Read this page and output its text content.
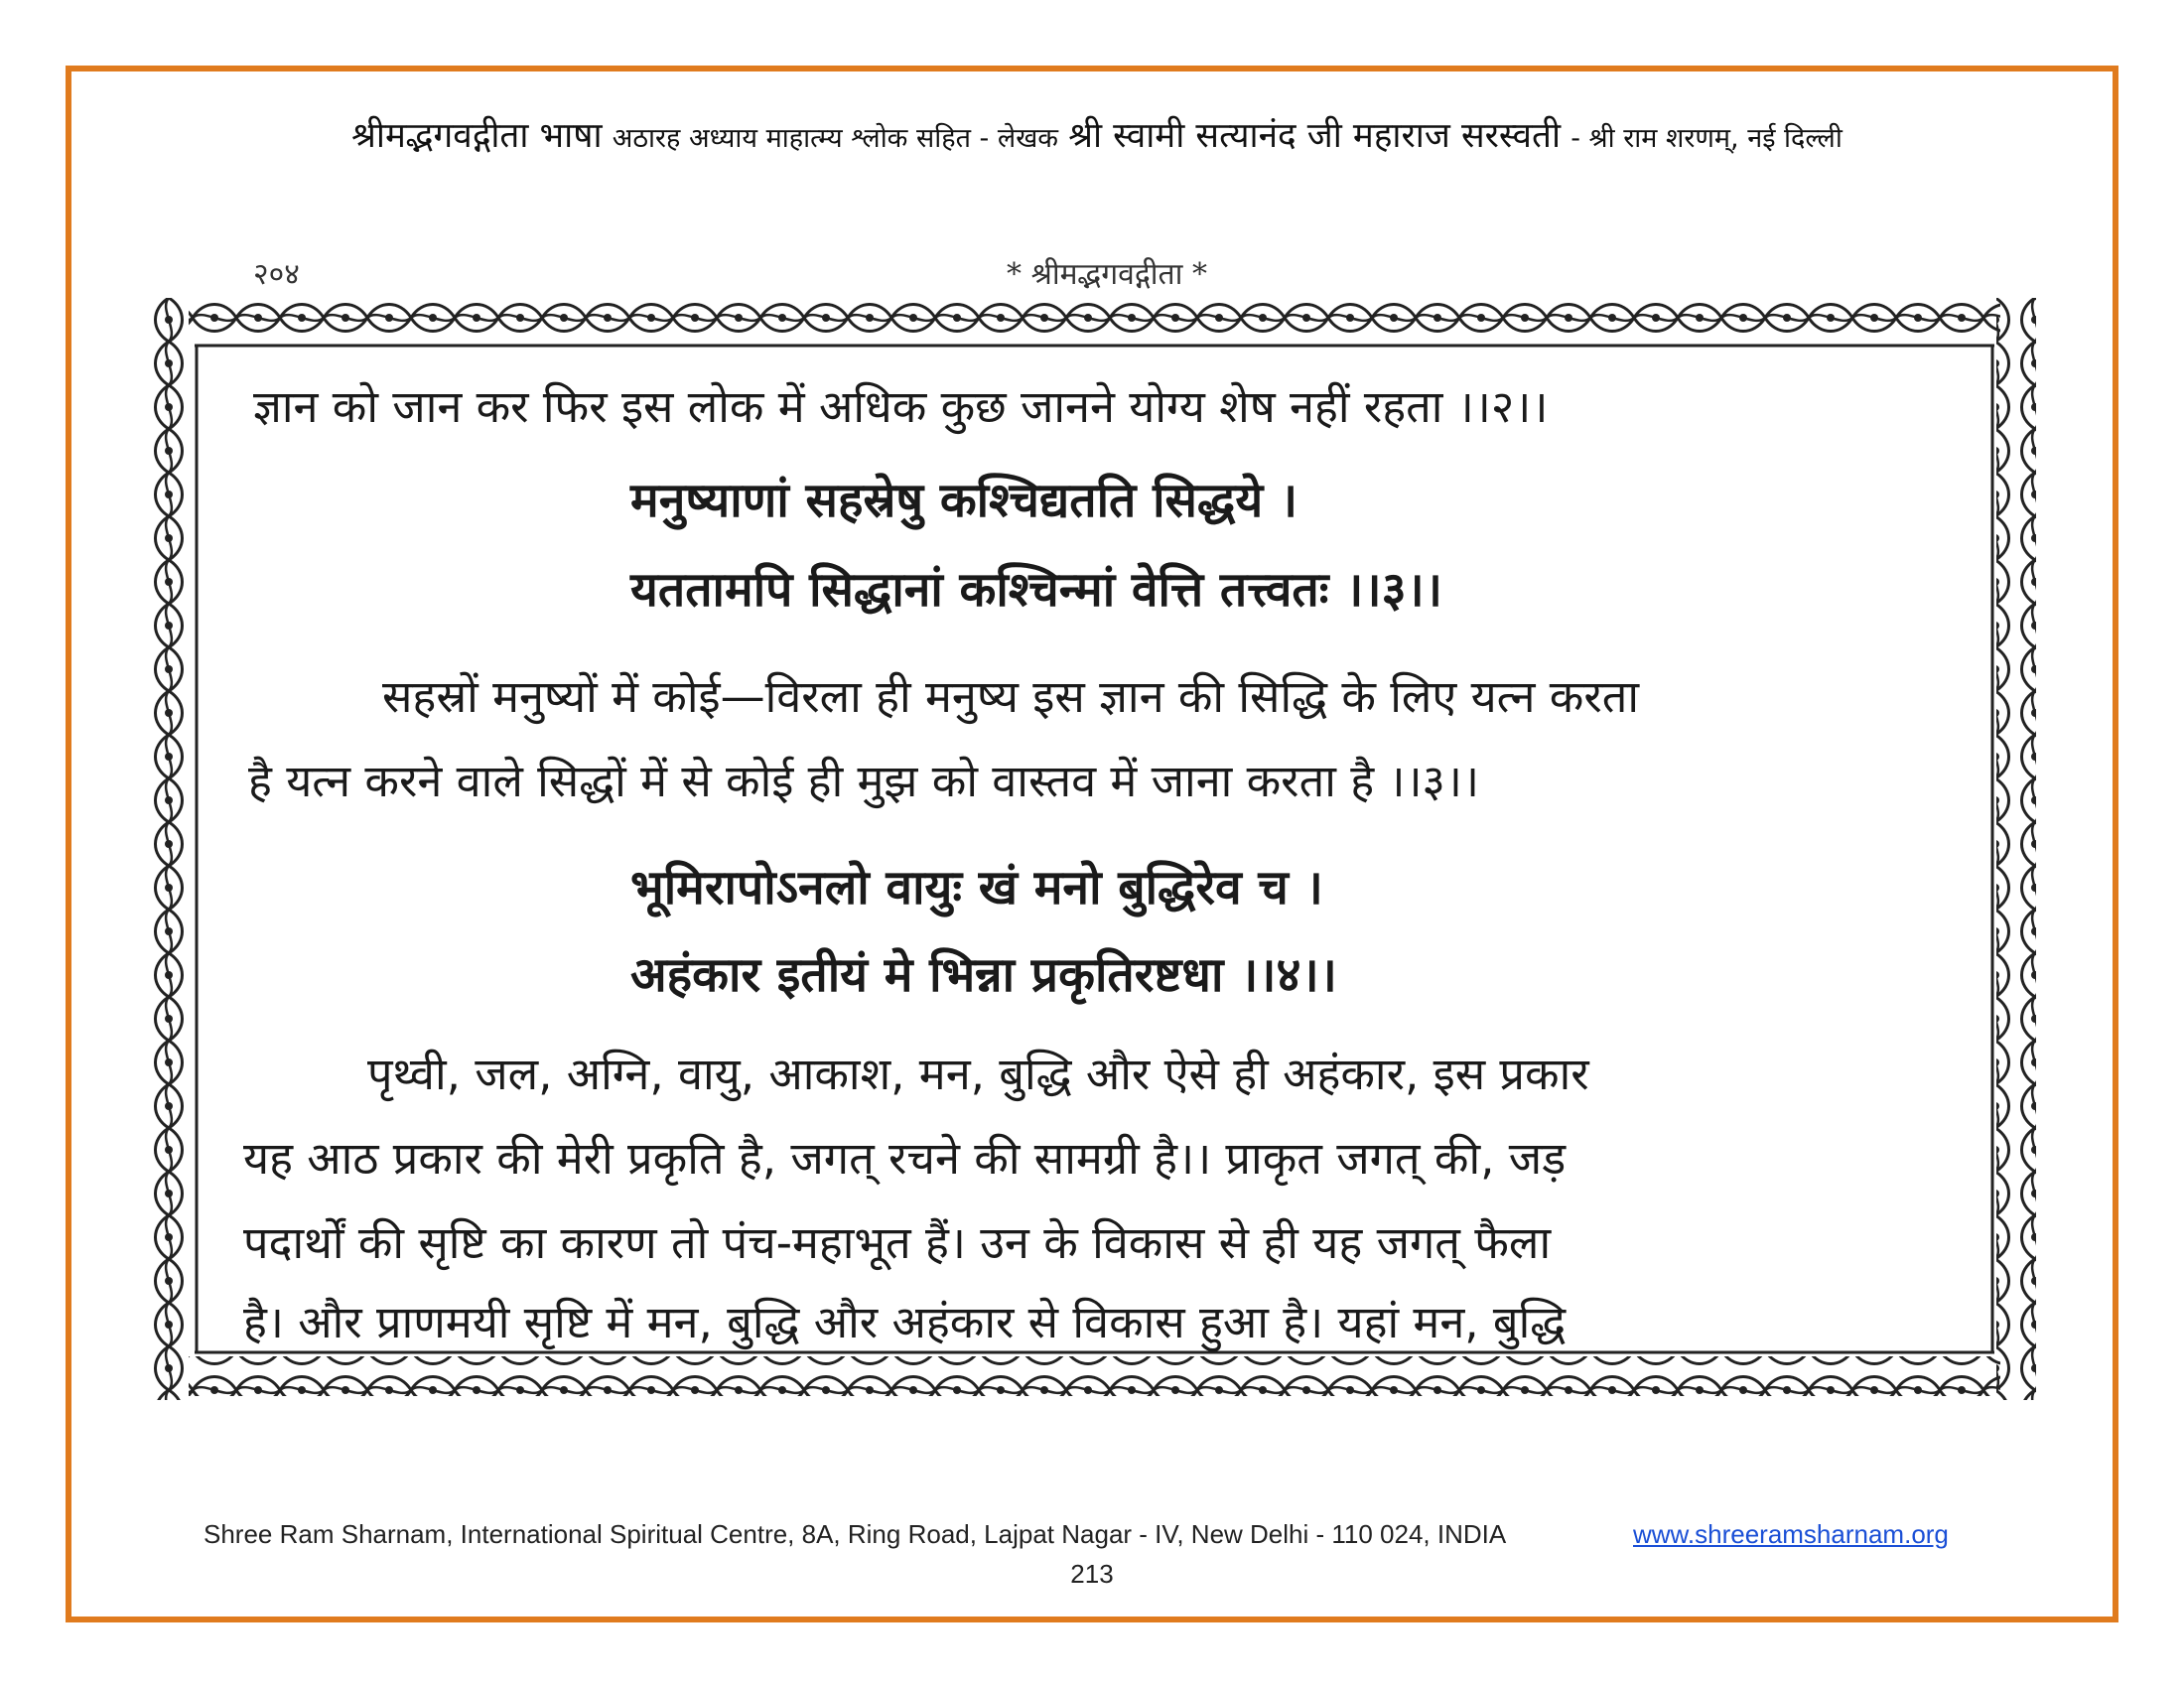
श्रीमद्भगवद्गीता भाषा अठारह अध्याय माहात्म्य श्लोक सहित - लेखक श्री स्वामी सत्यानंद जी महाराज सरस्वती - श्री राम शरणम्, नई दिल्ली
२०४	* श्रीमद्भगवद्गीता *
ज्ञान को जान कर फिर इस लोक में अधिक कुछ जानने योग्य शेष नहीं रहता ।।२।।
मनुष्याणां सहस्रेषु कश्चिद्यतति सिद्धये ।
यततामपि सिद्धानां कश्चिन्मां वेत्ति तत्त्वतः ।।३।।
सहस्रों मनुष्यों में कोई—विरला ही मनुष्य इस ज्ञान की सिद्धि के लिए यत्न करता
है यत्न करने वाले सिद्धों में से कोई ही मुझ को वास्तव में जाना करता है ।।३।।
भूमिरापोऽनलो वायुः खं मनो बुद्धिरेव च ।
अहंकार इतीयं मे भिन्ना प्रकृतिरष्टधा ।।४।।
पृथ्वी, जल, अग्नि, वायु, आकाश, मन, बुद्धि और ऐसे ही अहंकार, इस प्रकार
यह आठ प्रकार की मेरी प्रकृति है, जगत् रचने की सामग्री है।। प्राकृत जगत् की, जड़
पदार्थों की सृष्टि का कारण तो पंच-महाभूत हैं। उन के विकास से ही यह जगत् फैला
है। और प्राणमयी सृष्टि में मन, बुद्धि और अहंकार से विकास हुआ है। यहां मन, बुद्धि
Shree Ram Sharnam, International Spiritual Centre, 8A, Ring Road, Lajpat Nagar - IV, New Delhi - 110 024, INDIA	www.shreeramsharnam.org
213
